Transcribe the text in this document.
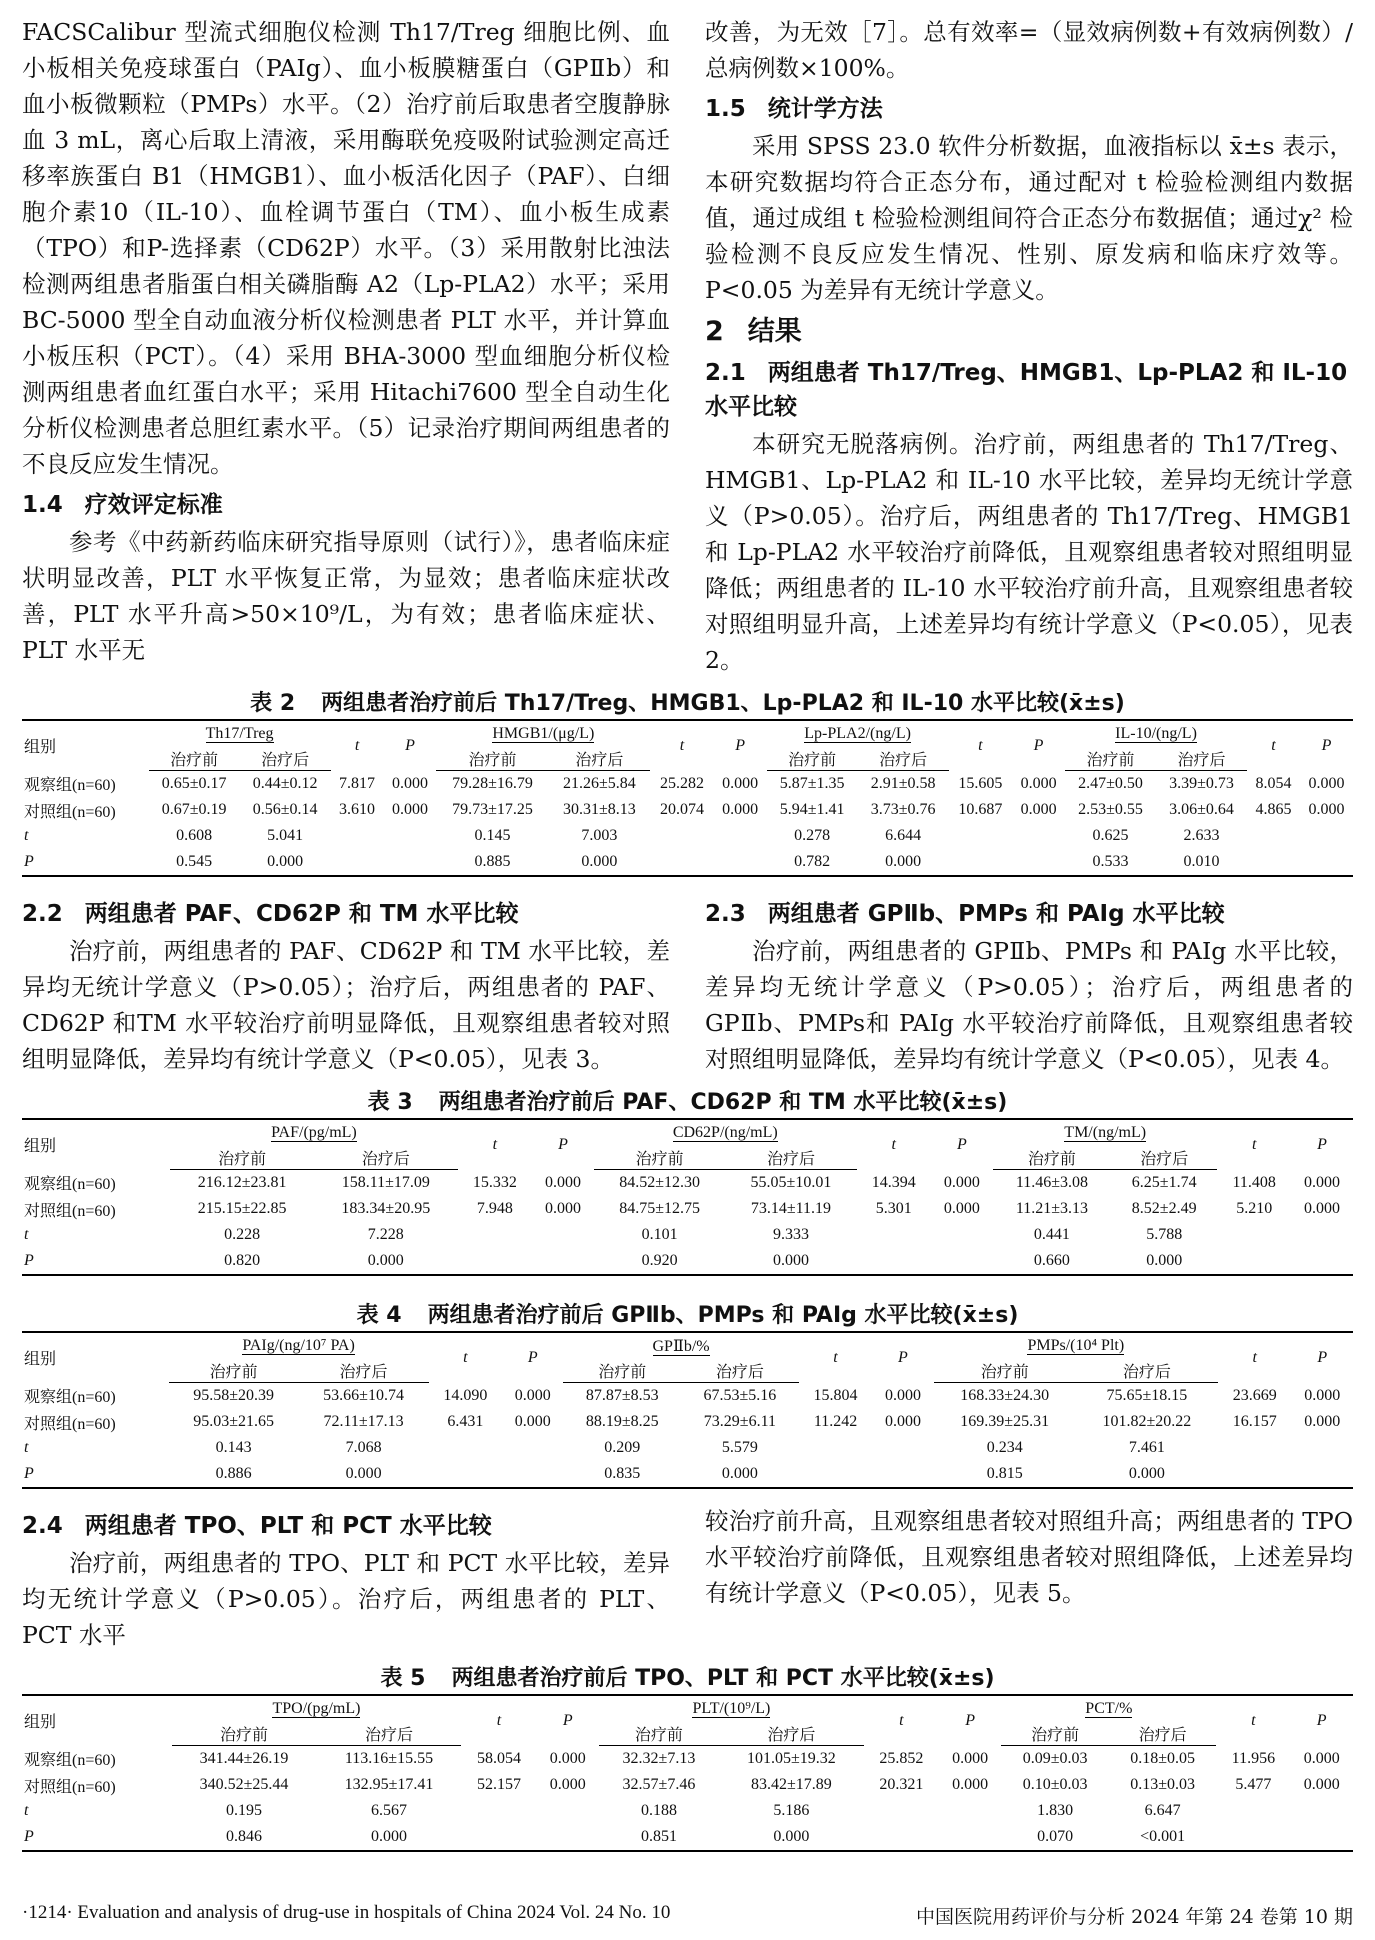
FACSCalibur 型流式细胞仪检测 Th17/Treg 细胞比例、血小板相关免疫球蛋白（PAIg）、血小板膜糖蛋白（GPⅡb）和血小板微颗粒（PMPs）水平。（2）治疗前后取患者空腹静脉血 3 mL，离心后取上清液，采用酶联免疫吸附试验测定高迁移率族蛋白 B1（HMGB1）、血小板活化因子（PAF）、白细胞介素10（IL-10）、血栓调节蛋白（TM）、血小板生成素（TPO）和P-选择素（CD62P）水平。（3）采用散射比浊法检测两组患者脂蛋白相关磷脂酶 A2（Lp-PLA2）水平；采用 BC-5000 型全自动血液分析仪检测患者 PLT 水平，并计算血小板压积（PCT）。（4）采用 BHA-3000 型血细胞分析仪检测两组患者血红蛋白水平；采用 Hitachi7600 型全自动生化分析仪检测患者总胆红素水平。（5）记录治疗期间两组患者的不良反应发生情况。

1.4 疗效评定标准

参考《中药新药临床研究指导原则（试行）》，患者临床症状明显改善，PLT 水平恢复正常，为显效；患者临床症状改善，PLT 水平升高>50×10⁹/L，为有效；患者临床症状、PLT 水平无

改善，为无效［7］。总有效率=（显效病例数+有效病例数）/总病例数×100%。

1.5 统计学方法

采用 SPSS 23.0 软件分析数据，血液指标以 x̄±s 表示，本研究数据均符合正态分布，通过配对 t 检验检测组内数据值，通过成组 t 检验检测组间符合正态分布数据值；通过χ² 检验检测不良反应发生情况、性别、原发病和临床疗效等。P<0.05 为差异有无统计学意义。

2 结果
2.1 两组患者 Th17/Treg、HMGB1、Lp-PLA2 和 IL-10 水平比较

本研究无脱落病例。治疗前，两组患者的 Th17/Treg、HMGB1、Lp-PLA2 和 IL-10 水平比较，差异均无统计学意义（P>0.05）。治疗后，两组患者的 Th17/Treg、HMGB1 和 Lp-PLA2 水平较治疗前降低，且观察组患者较对照组明显降低；两组患者的 IL-10 水平较治疗前升高，且观察组患者较对照组明显升高，上述差异均有统计学意义（P<0.05），见表 2。

表 2 两组患者治疗前后 Th17/Treg、HMGB1、Lp-PLA2 和 IL-10 水平比较(x̄±s)
组别	Th17/Treg		t	P	HMGB1/(μg/L)		t	P	Lp-PLA2/(ng/L)		t	P	IL-10/(ng/L)		t	P
	治疗前	治疗后			治疗前	治疗后			治疗前	治疗后			治疗前	治疗后		
观察组(n=60)	0.65±0.17	0.44±0.12	7.817	0.000	79.28±16.79	21.26±5.84	25.282	0.000	5.87±1.35	2.91±0.58	15.605	0.000	2.47±0.50	3.39±0.73	8.054	0.000
对照组(n=60)	0.67±0.19	0.56±0.14	3.610	0.000	79.73±17.25	30.31±8.13	20.074	0.000	5.94±1.41	3.73±0.76	10.687	0.000	2.53±0.55	3.06±0.64	4.865	0.000
t	0.608	5.041			0.145	7.003			0.278	6.644			0.625	2.633		
P	0.545	0.000			0.885	0.000			0.782	0.000			0.533	0.010		
2.2 两组患者 PAF、CD62P 和 TM 水平比较

治疗前，两组患者的 PAF、CD62P 和 TM 水平比较，差异均无统计学意义（P>0.05）；治疗后，两组患者的 PAF、CD62P 和TM 水平较治疗前明显降低，且观察组患者较对照组明显降低，差异均有统计学意义（P<0.05），见表 3。

2.3 两组患者 GPⅡb、PMPs 和 PAIg 水平比较

治疗前，两组患者的 GPⅡb、PMPs 和 PAIg 水平比较，差异均无统计学意义（P>0.05）；治疗后，两组患者的 GPⅡb、PMPs和 PAIg 水平较治疗前降低，且观察组患者较对照组明显降低，差异均有统计学意义（P<0.05），见表 4。

表 3 两组患者治疗前后 PAF、CD62P 和 TM 水平比较(x̄±s)
组别	PAF/(pg/mL)		t	P	CD62P/(ng/mL)		t	P	TM/(ng/mL)		t	P
	治疗前	治疗后			治疗前	治疗后			治疗前	治疗后		
观察组(n=60)	216.12±23.81	158.11±17.09	15.332	0.000	84.52±12.30	55.05±10.01	14.394	0.000	11.46±3.08	6.25±1.74	11.408	0.000
对照组(n=60)	215.15±22.85	183.34±20.95	7.948	0.000	84.75±12.75	73.14±11.19	5.301	0.000	11.21±3.13	8.52±2.49	5.210	0.000
t	0.228	7.228			0.101	9.333			0.441	5.788		
P	0.820	0.000			0.920	0.000			0.660	0.000		
表 4 两组患者治疗前后 GPⅡb、PMPs 和 PAIg 水平比较(x̄±s)
组别	PAIg/(ng/10⁷ PA)		t	P	GPⅡb/%		t	P	PMPs/(10⁴ Plt)		t	P
	治疗前	治疗后			治疗前	治疗后			治疗前	治疗后		
观察组(n=60)	95.58±20.39	53.66±10.74	14.090	0.000	87.87±8.53	67.53±5.16	15.804	0.000	168.33±24.30	75.65±18.15	23.669	0.000
对照组(n=60)	95.03±21.65	72.11±17.13	6.431	0.000	88.19±8.25	73.29±6.11	11.242	0.000	169.39±25.31	101.82±20.22	16.157	0.000
t	0.143	7.068			0.209	5.579			0.234	7.461		
P	0.886	0.000			0.835	0.000			0.815	0.000		
2.4 两组患者 TPO、PLT 和 PCT 水平比较

治疗前，两组患者的 TPO、PLT 和 PCT 水平比较，差异均无统计学意义（P>0.05）。治疗后，两组患者的 PLT、PCT 水平

较治疗前升高，且观察组患者较对照组升高；两组患者的 TPO水平较治疗前降低，且观察组患者较对照组降低，上述差异均有统计学意义（P<0.05），见表 5。

表 5 两组患者治疗前后 TPO、PLT 和 PCT 水平比较(x̄±s)
组别	TPO/(pg/mL)		t	P	PLT/(10⁹/L)		t	P	PCT/%		t	P
	治疗前	治疗后			治疗前	治疗后			治疗前	治疗后		
观察组(n=60)	341.44±26.19	113.16±15.55	58.054	0.000	32.32±7.13	101.05±19.32	25.852	0.000	0.09±0.03	0.18±0.05	11.956	0.000
对照组(n=60)	340.52±25.44	132.95±17.41	52.157	0.000	32.57±7.46	83.42±17.89	20.321	0.000	0.10±0.03	0.13±0.03	5.477	0.000
t	0.195	6.567			0.188	5.186			1.830	6.647		
P	0.846	0.000			0.851	0.000			0.070	<0.001		
·1214· Evaluation and analysis of drug-use in hospitals of China 2024 Vol. 24 No. 10	中国医院用药评价与分析 2024 年第 24 卷第 10 期
